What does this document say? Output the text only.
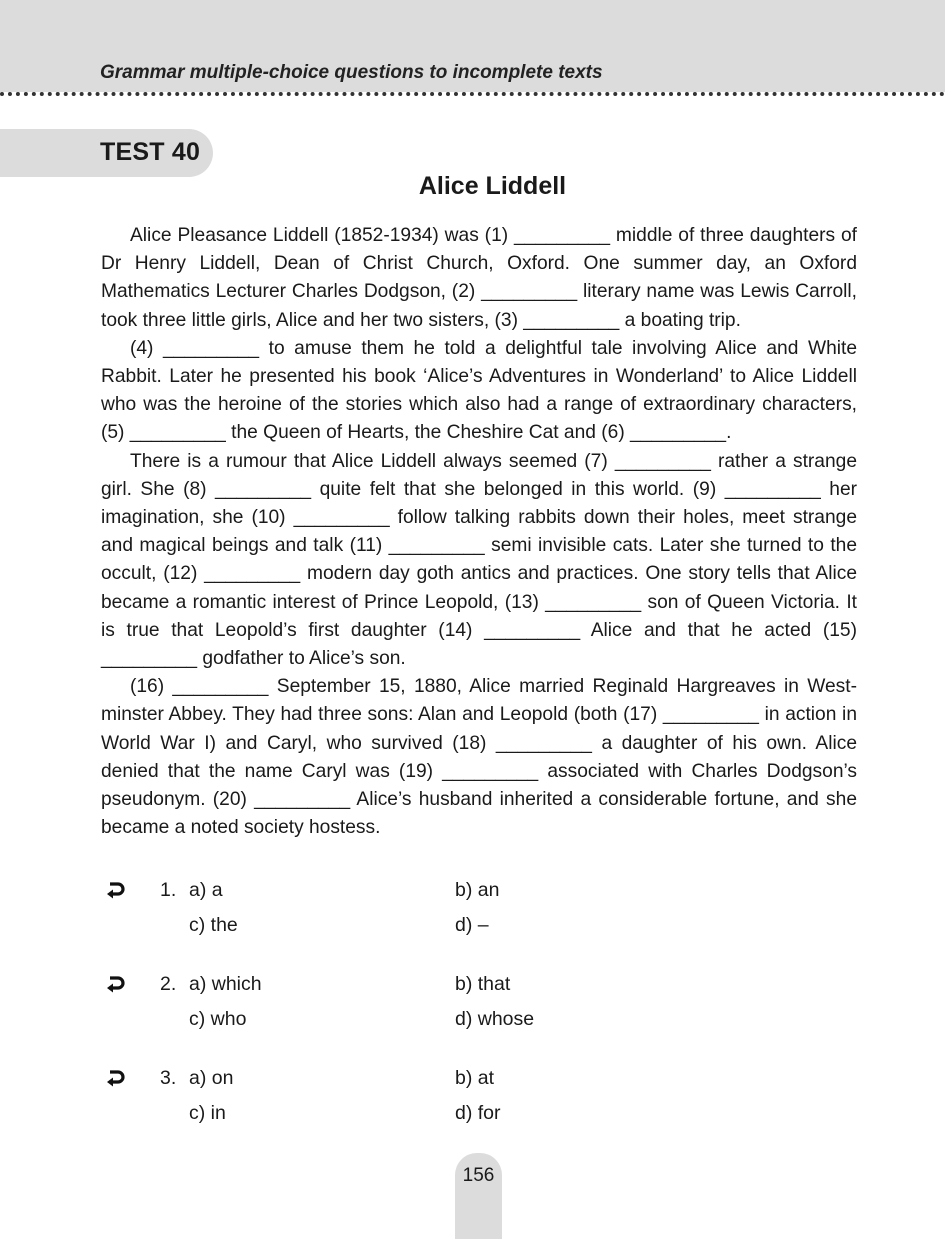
Grammar multiple-choice questions to incomplete texts
TEST 40
Alice Liddell

Alice Pleasance Liddell (1852-1934) was (1) _________ middle of three daughters of Dr Henry Liddell, Dean of Christ Church, Oxford. One summer day, an Oxford Mathematics Lecturer Charles Dodgson, (2) _________ literary name was Lewis Carroll, took three little girls, Alice and her two sisters, (3) _________ a boating trip.

(4) _________ to amuse them he told a delightful tale involving Alice and White Rabbit. Later he presented his book ‘Alice’s Adventures in Wonderland’ to Alice Liddell who was the heroine of the stories which also had a range of extraordinary characters, (5) _________ the Queen of Hearts, the Cheshire Cat and (6) _________.

There is a rumour that Alice Liddell always seemed (7) _________ rather a strange girl. She (8) _________ quite felt that she belonged in this world. (9) _________ her imagination, she (10) _________ follow talking rabbits down their holes, meet strange and magical beings and talk (11) _________ semi invisible cats. Later she turned to the occult, (12) _________ modern day goth antics and practices. One story tells that Alice became a romantic interest of Prince Leopold, (13) _________ son of Queen Victoria. It is true that Leopold’s first daughter (14) _________ Alice and that he acted (15) _________ godfather to Alice’s son.

(16) _________ September 15, 1880, Alice married Reginald Hargreaves in Westminster Abbey. They had three sons: Alan and Leopold (both (17) _________ in action in World War I) and Caryl, who survived (18) _________ a daughter of his own. Alice denied that the name Caryl was (19) _________ associated with Charles Dodgson’s pseudonym. (20) _________ Alice’s husband inherited a considerable fortune, and she became a noted society hostess.

1. a) a	b) an
c) the	d) –
2. a) which	b) that
c) who	d) whose
3. a) on	b) at
c) in	d) for
156
